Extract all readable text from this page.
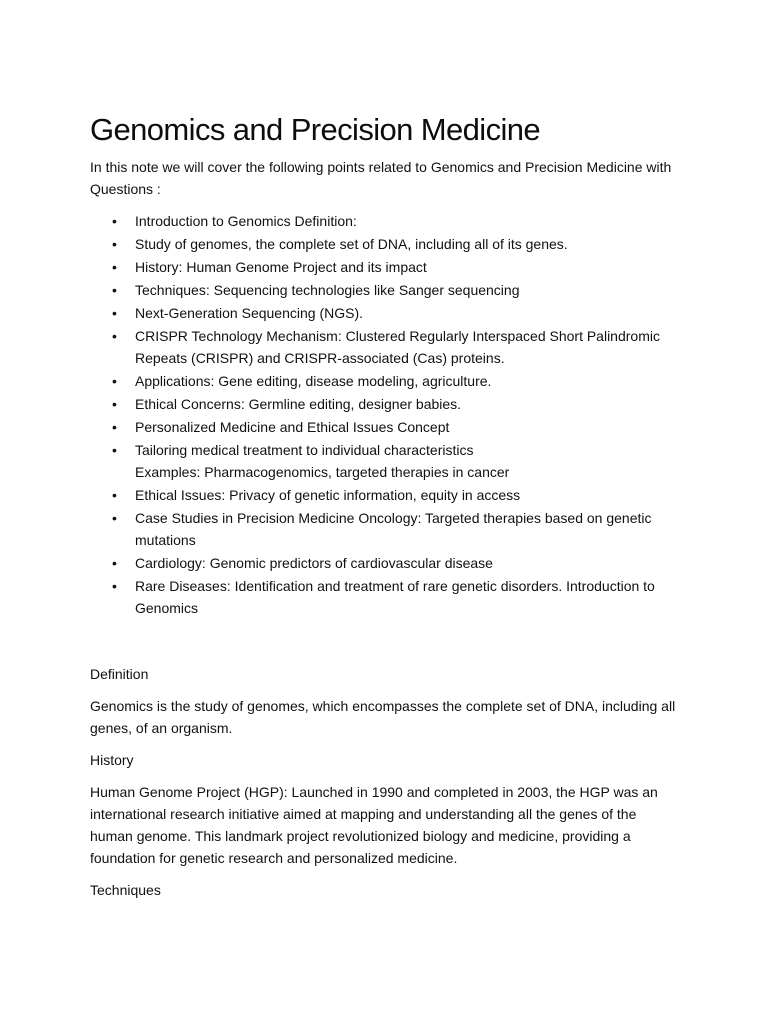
Genomics and Precision Medicine

In this note we will cover the following points related to Genomics and Precision Medicine with Questions :

• Introduction to Genomics Definition:
• Study of genomes, the complete set of DNA, including all of its genes.
• History: Human Genome Project and its impact
• Techniques: Sequencing technologies like Sanger sequencing
• Next-Generation Sequencing (NGS).
• CRISPR Technology Mechanism: Clustered Regularly Interspaced Short Palindromic Repeats (CRISPR) and CRISPR-associated (Cas) proteins.
• Applications: Gene editing, disease modeling, agriculture.
• Ethical Concerns: Germline editing, designer babies.
• Personalized Medicine and Ethical Issues Concept
• Tailoring medical treatment to individual characteristics
Examples: Pharmacogenomics, targeted therapies in cancer
• Ethical Issues: Privacy of genetic information, equity in access
• Case Studies in Precision Medicine Oncology: Targeted therapies based on genetic mutations
• Cardiology: Genomic predictors of cardiovascular disease
• Rare Diseases: Identification and treatment of rare genetic disorders. Introduction to Genomics

Definition

Genomics is the study of genomes, which encompasses the complete set of DNA, including all genes, of an organism.

History

Human Genome Project (HGP): Launched in 1990 and completed in 2003, the HGP was an international research initiative aimed at mapping and understanding all the genes of the human genome. This landmark project revolutionized biology and medicine, providing a foundation for genetic research and personalized medicine.

Techniques
